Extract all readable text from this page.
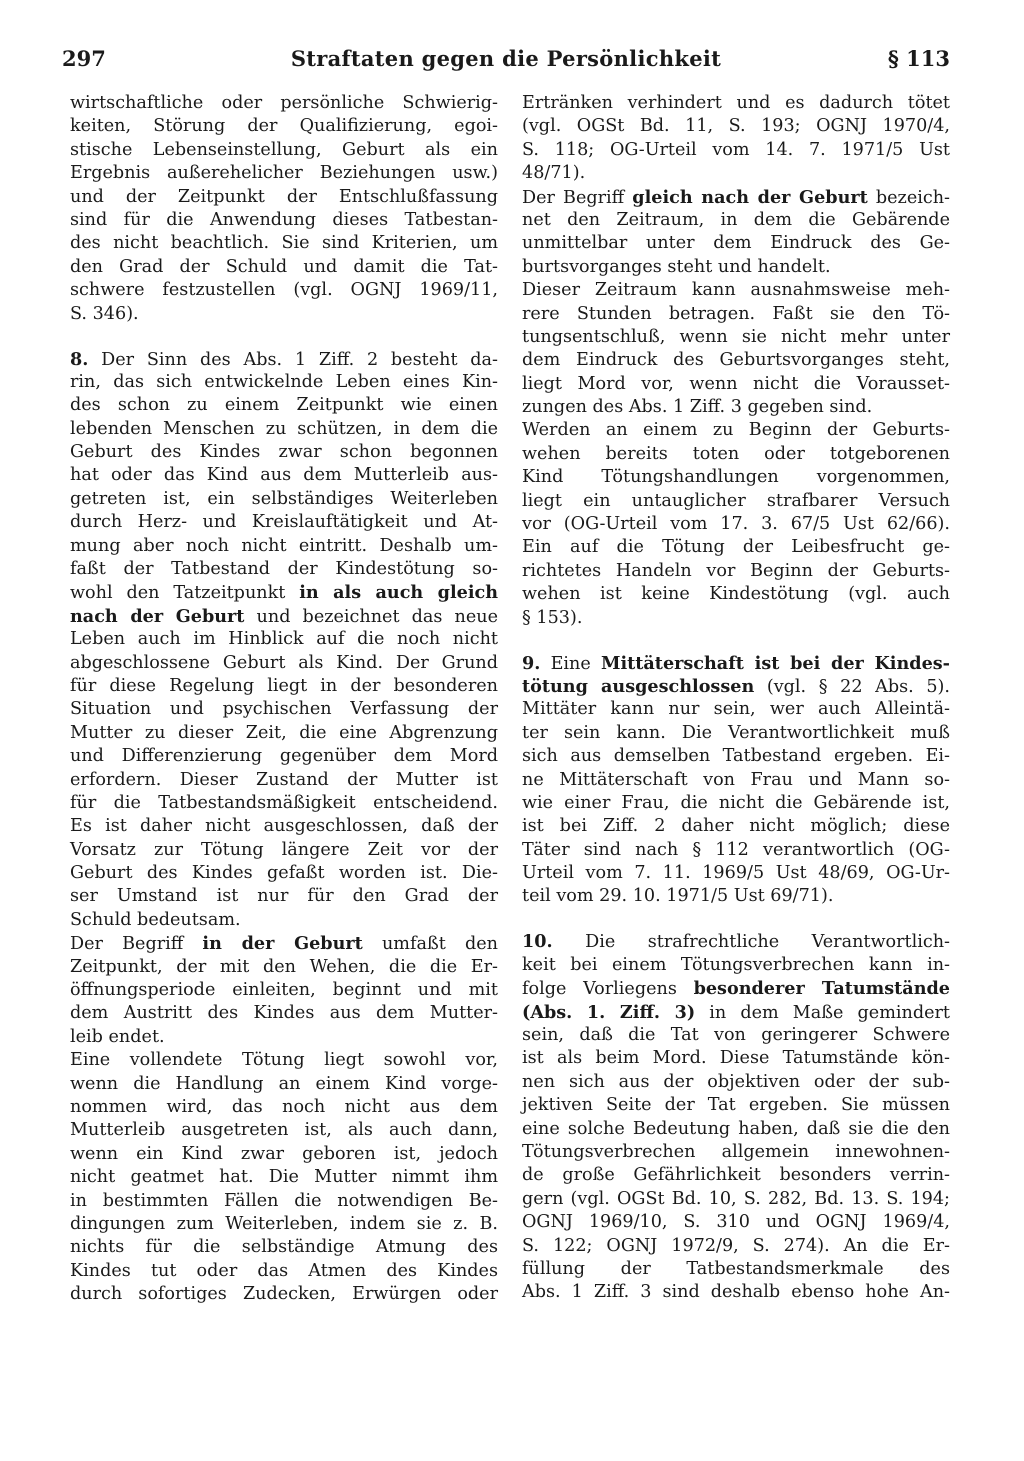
297	Straftaten gegen die Persönlichkeit	§ 113
wirtschaftliche oder persönliche Schwierig-
keiten, Störung der Qualifizierung, egoi-
stische Lebenseinstellung, Geburt als ein
Ergebnis außerehelicher Beziehungen usw.)
und der Zeitpunkt der Entschlußfassung
sind für die Anwendung dieses Tatbestan-
des nicht beachtlich. Sie sind Kriterien, um
den Grad der Schuld und damit die Tat-
schwere festzustellen (vgl. OGNJ 1969/11,
S. 346).
8. Der Sinn des Abs. 1 Ziff. 2 besteht da-
rin, das sich entwickelnde Leben eines Kin-
des schon zu einem Zeitpunkt wie einen
lebenden Menschen zu schützen, in dem die
Geburt des Kindes zwar schon begonnen
hat oder das Kind aus dem Mutterleib aus-
getreten ist, ein selbständiges Weiterleben
durch Herz- und Kreislauftätigkeit und At-
mung aber noch nicht eintritt. Deshalb um-
faßt der Tatbestand der Kindestötung so-
wohl den Tatzeitpunkt in als auch gleich
nach der Geburt und bezeichnet das neue
Leben auch im Hinblick auf die noch nicht
abgeschlossene Geburt als Kind. Der Grund
für diese Regelung liegt in der besonderen
Situation und psychischen Verfassung der
Mutter zu dieser Zeit, die eine Abgrenzung
und Differenzierung gegenüber dem Mord
erfordern. Dieser Zustand der Mutter ist
für die Tatbestandsmäßigkeit entscheidend.
Es ist daher nicht ausgeschlossen, daß der
Vorsatz zur Tötung längere Zeit vor der
Geburt des Kindes gefaßt worden ist. Die-
ser Umstand ist nur für den Grad der
Schuld bedeutsam.
Der Begriff in der Geburt umfaßt den
Zeitpunkt, der mit den Wehen, die die Er-
öffnungsperiode einleiten, beginnt und mit
dem Austritt des Kindes aus dem Mutter-
leib endet.
Eine vollendete Tötung liegt sowohl vor,
wenn die Handlung an einem Kind vorge-
nommen wird, das noch nicht aus dem
Mutterleib ausgetreten ist, als auch dann,
wenn ein Kind zwar geboren ist, jedoch
nicht geatmet hat. Die Mutter nimmt ihm
in bestimmten Fällen die notwendigen Be-
dingungen zum Weiterleben, indem sie z. B.
nichts für die selbständige Atmung des
Kindes tut oder das Atmen des Kindes
durch sofortiges Zudecken, Erwürgen oder
Ertränken verhindert und es dadurch tötet
(vgl. OGSt Bd. 11, S. 193; OGNJ 1970/4,
S. 118; OG-Urteil vom 14. 7. 1971/5 Ust
48/71).
Der Begriff gleich nach der Geburt bezeich-
net den Zeitraum, in dem die Gebärende
unmittelbar unter dem Eindruck des Ge-
burtsvorganges steht und handelt.
Dieser Zeitraum kann ausnahmsweise meh-
rere Stunden betragen. Faßt sie den Tö-
tungsentschluß, wenn sie nicht mehr unter
dem Eindruck des Geburtsvorganges steht,
liegt Mord vor, wenn nicht die Vorausset-
zungen des Abs. 1 Ziff. 3 gegeben sind.
Werden an einem zu Beginn der Geburts-
wehen bereits toten oder totgeborenen
Kind Tötungshandlungen vorgenommen,
liegt ein untauglicher strafbarer Versuch
vor (OG-Urteil vom 17. 3. 67/5 Ust 62/66).
Ein auf die Tötung der Leibesfrucht ge-
richtetes Handeln vor Beginn der Geburts-
wehen ist keine Kindestötung (vgl. auch
§ 153).
9. Eine Mittäterschaft ist bei der Kindes-
tötung ausgeschlossen (vgl. § 22 Abs. 5).
Mittäter kann nur sein, wer auch Alleintä-
ter sein kann. Die Verantwortlichkeit muß
sich aus demselben Tatbestand ergeben. Ei-
ne Mittäterschaft von Frau und Mann so-
wie einer Frau, die nicht die Gebärende ist,
ist bei Ziff. 2 daher nicht möglich; diese
Täter sind nach § 112 verantwortlich (OG-
Urteil vom 7. 11. 1969/5 Ust 48/69, OG-Ur-
teil vom 29. 10. 1971/5 Ust 69/71).
10. Die strafrechtliche Verantwortlich-
keit bei einem Tötungsverbrechen kann in-
folge Vorliegens besonderer Tatumstände
(Abs. 1. Ziff. 3) in dem Maße gemindert
sein, daß die Tat von geringerer Schwere
ist als beim Mord. Diese Tatumstände kön-
nen sich aus der objektiven oder der sub-
jektiven Seite der Tat ergeben. Sie müssen
eine solche Bedeutung haben, daß sie die den
Tötungsverbrechen allgemein innewohnen-
de große Gefährlichkeit besonders verrin-
gern (vgl. OGSt Bd. 10, S. 282, Bd. 13. S. 194;
OGNJ 1969/10, S. 310 und OGNJ 1969/4,
S. 122; OGNJ 1972/9, S. 274). An die Er-
füllung der Tatbestandsmerkmale des
Abs. 1 Ziff. 3 sind deshalb ebenso hohe An-
